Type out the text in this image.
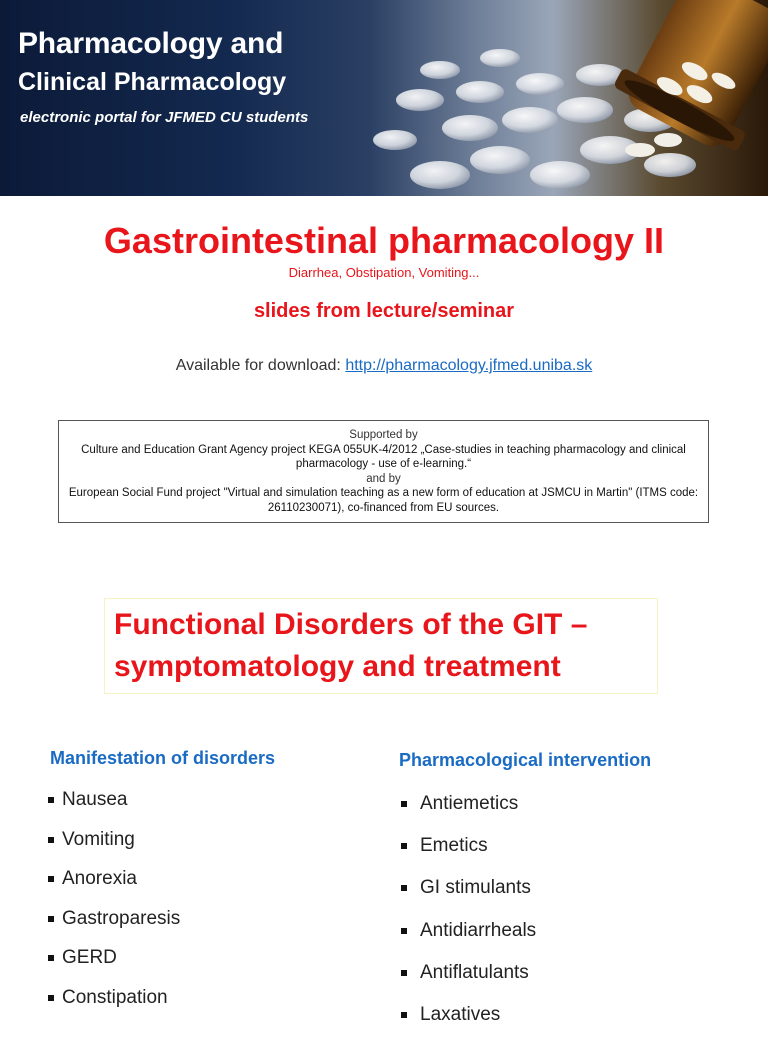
Pharmacology and

Clinical Pharmacology

electronic portal for JFMED CU students

Gastrointestinal pharmacology II

Diarrhea, Obstipation, Vomiting...

slides from lecture/seminar

Available for download: http://pharmacology.jfmed.uniba.sk

Supported by
Culture and Education Grant Agency project KEGA 055UK-4/2012 „Case-studies in teaching pharmacology and clinical pharmacology - use of e-learning.“
and by
European Social Fund project "Virtual and simulation teaching as a new form of education at JSMCU in Martin" (ITMS code: 26110230071), co-financed from EU sources.
Functional Disorders of the GIT – symptomatology and treatment
Manifestation of disorders
Nausea
Vomiting
Anorexia
Gastroparesis
GERD
Constipation
Pharmacological intervention
Antiemetics
Emetics
GI stimulants
Antidiarrheals
Antiflatulants
Laxatives
